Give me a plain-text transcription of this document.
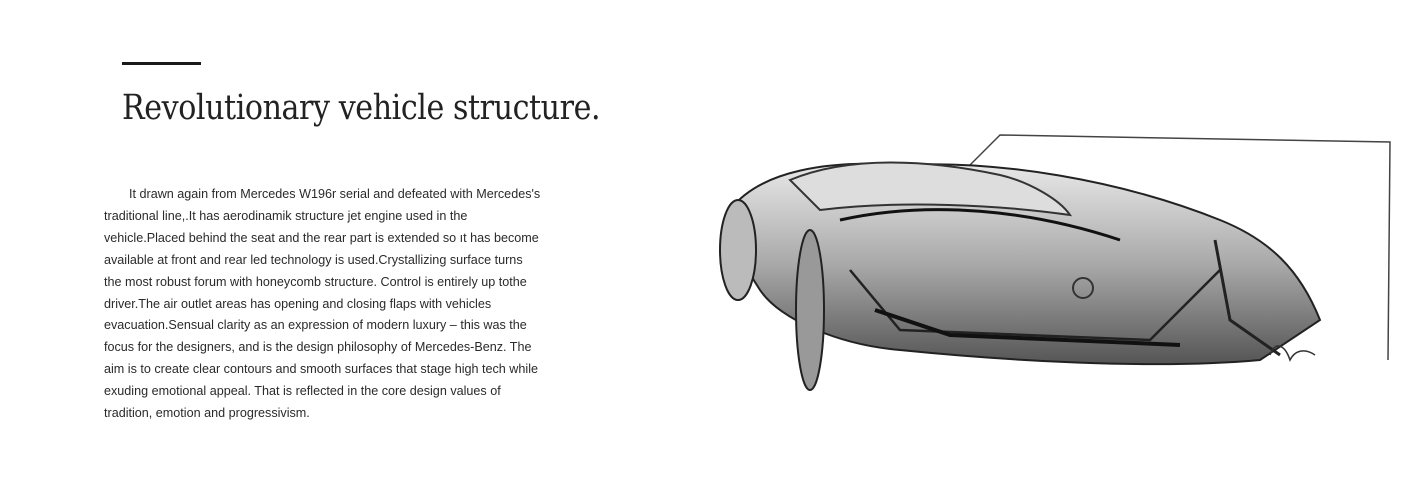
Revolutionary vehicle structure.
It drawn again from Mercedes W196r serial and defeated with Mercedes's
traditional line,.It has aerodinamik structure jet engine used in the
vehicle.Placed behind the seat and the rear part is extended so ıt has become
available at front and rear led technology is used.Crystallizing surface turns
the most robust forum with honeycomb structure. Control is entirely up tothe
driver.The air outlet areas has opening and closing flaps with vehicles
evacuation.Sensual clarity as an expression of modern luxury – this was the
focus for the designers, and is the design philosophy of Mercedes-Benz. The
aim is to create clear contours and smooth surfaces that stage high tech while
exuding emotional appeal. That is reflected in the core design values of
tradition, emotion and progressivism.
